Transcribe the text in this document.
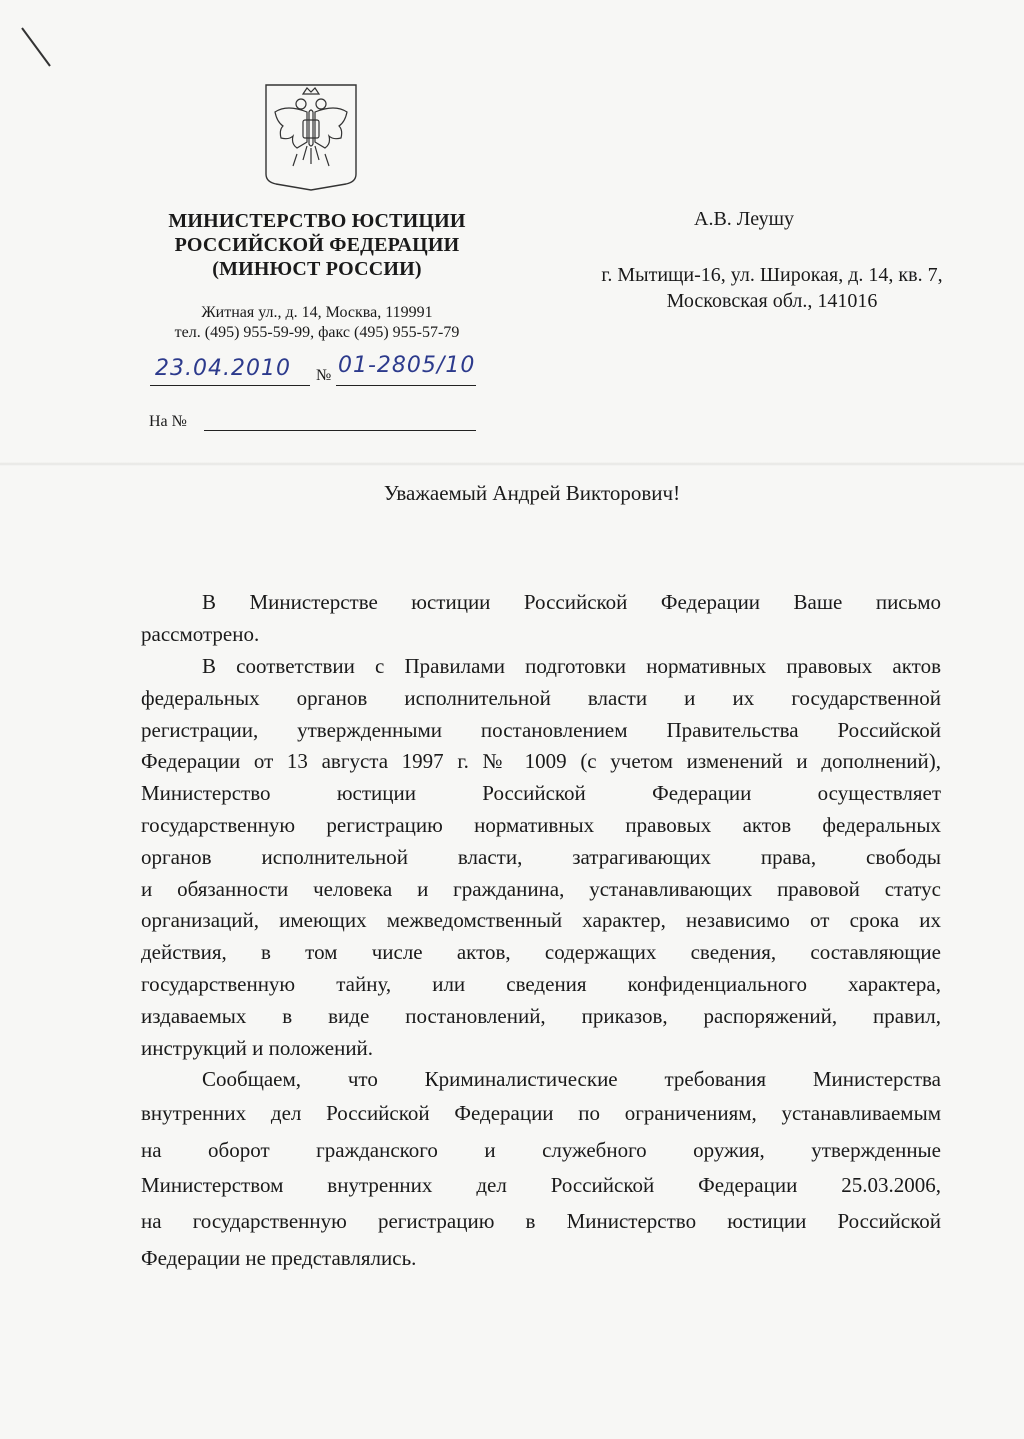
МИНИСТЕРСТВО ЮСТИЦИИ
РОССИЙСКОЙ ФЕДЕРАЦИИ
(МИНЮСТ РОССИИ)
Житная ул., д. 14, Москва, 119991
тел. (495) 955-59-99, факс (495) 955-57-79
23.04.2010 № 01-2805/10
На №
А.В. Леушу
г. Мытищи-16, ул. Широкая, д. 14, кв. 7,
Московская обл., 141016
Уважаемый Андрей Викторович!
В Министерстве юстиции Российской Федерации Ваше письмо
рассмотрено.
В соответствии с Правилами подготовки нормативных правовых актов
федеральных органов исполнительной власти и их государственной
регистрации, утвержденными постановлением Правительства Российской
Федерации от 13 августа 1997 г. № 1009 (с учетом изменений и дополнений),
Министерство юстиции Российской Федерации осуществляет
государственную регистрацию нормативных правовых актов федеральных
органов исполнительной власти, затрагивающих права, свободы
и обязанности человека и гражданина, устанавливающих правовой статус
организаций, имеющих межведомственный характер, независимо от срока их
действия, в том числе актов, содержащих сведения, составляющие
государственную тайну, или сведения конфиденциального характера,
издаваемых в виде постановлений, приказов, распоряжений, правил,
инструкций и положений.
Сообщаем, что Криминалистические требования Министерства
внутренних дел Российской Федерации по ограничениям, устанавливаемым
на оборот гражданского и служебного оружия, утвержденные
Министерством внутренних дел Российской Федерации 25.03.2006,
на государственную регистрацию в Министерство юстиции Российской
Федерации не представлялись.
